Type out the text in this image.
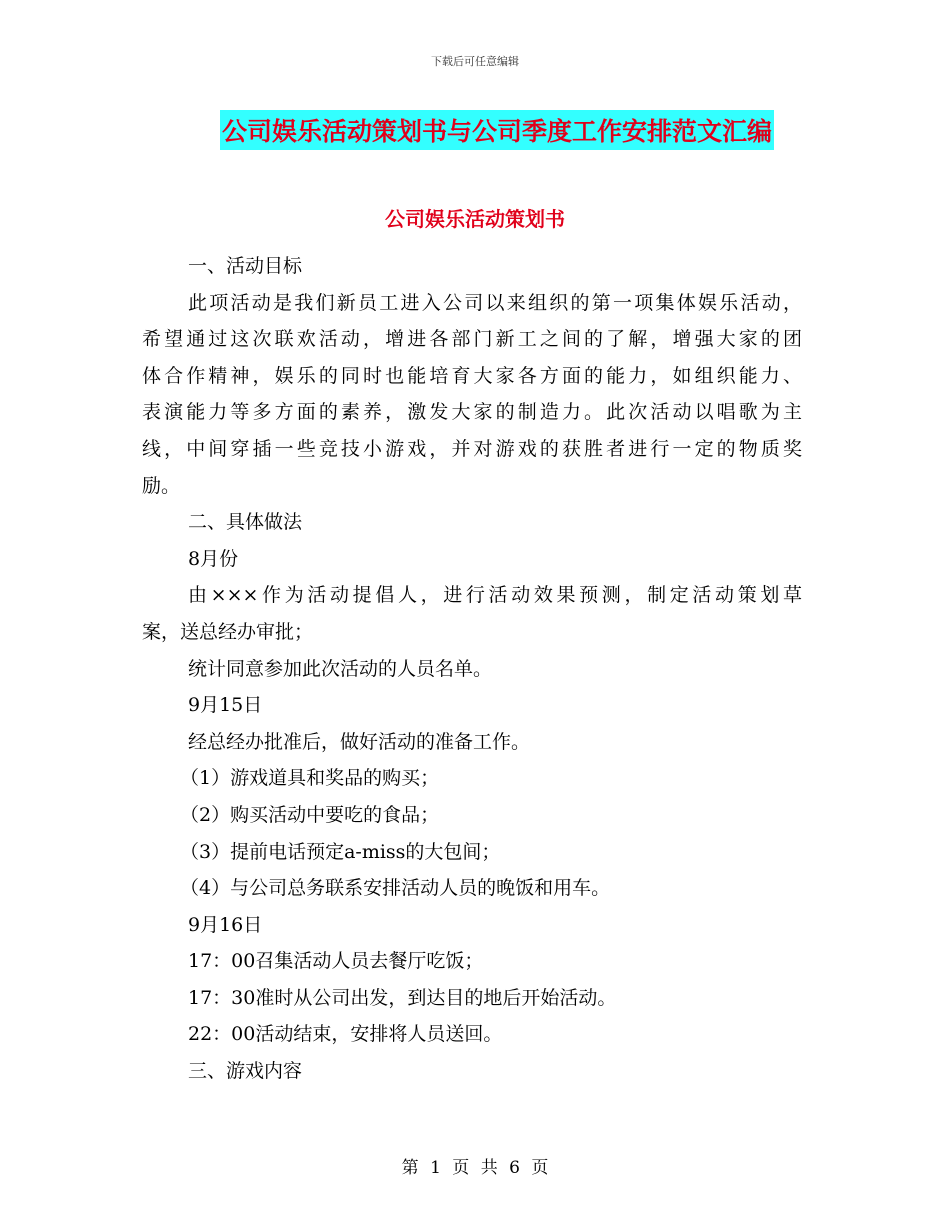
下载后可任意编辑
公司娱乐活动策划书与公司季度工作安排范文汇编
公司娱乐活动策划书
一、活动目标
此项活动是我们新员工进入公司以来组织的第一项集体娱乐活动，
希望通过这次联欢活动，增进各部门新工之间的了解，增强大家的团
体合作精神，娱乐的同时也能培育大家各方面的能力，如组织能力、
表演能力等多方面的素养，激发大家的制造力。此次活动以唱歌为主
线，中间穿插一些竞技小游戏，并对游戏的获胜者进行一定的物质奖
励。
二、具体做法
8月份
由×××作为活动提倡人，进行活动效果预测，制定活动策划草
案，送总经办审批；
统计同意参加此次活动的人员名单。
9月15日
经总经办批准后，做好活动的准备工作。
（1）游戏道具和奖品的购买；
（2）购买活动中要吃的食品；
（3）提前电话预定a-miss的大包间；
（4）与公司总务联系安排活动人员的晚饭和用车。
9月16日
17：00召集活动人员去餐厅吃饭；
17：30准时从公司出发，到达目的地后开始活动。
22：00活动结束，安排将人员送回。
三、游戏内容
第 1 页 共 6 页
